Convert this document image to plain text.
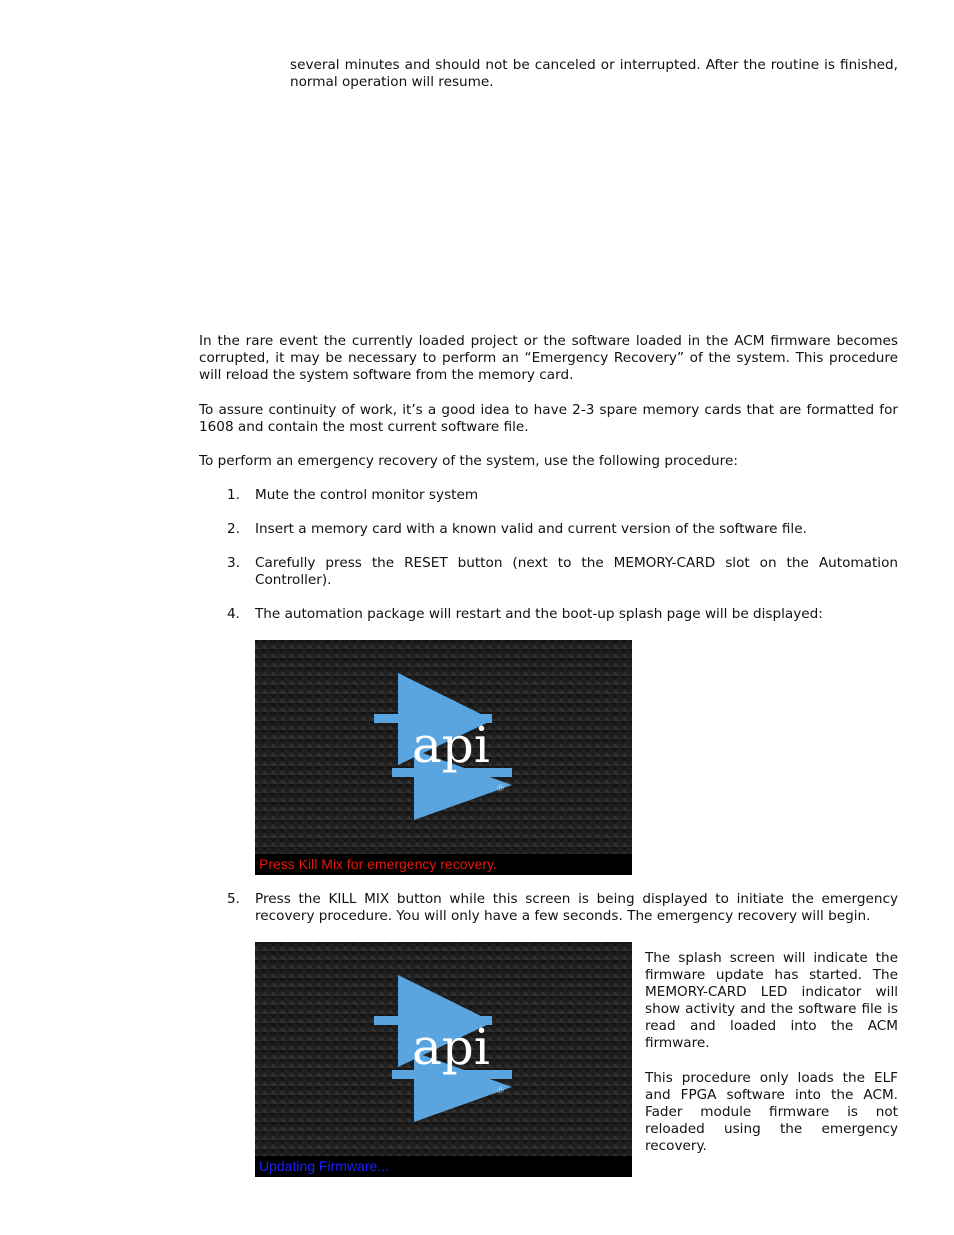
several minutes and should not be canceled or interrupted. After the routine is finished, normal operation will resume.

In the rare event the currently loaded project or the software loaded in the ACM firmware becomes corrupted, it may be necessary to perform an “Emergency Recovery” of the system. This procedure will reload the system software from the memory card.

To assure continuity of work, it’s a good idea to have 2-3 spare memory cards that are formatted for 1608 and contain the most current software file.

To perform an emergency recovery of the system, use the following procedure:

1. Mute the control monitor system

2. Insert a memory card with a known valid and current version of the software file.

3. Carefully press the RESET button (next to the MEMORY-CARD slot on the Automation Controller).

4. The automation package will restart and the boot-up splash page will be displayed:

api
®
Press Kill Mix for emergency recovery.
5. Press the KILL MIX button while this screen is being displayed to initiate the emergency recovery procedure. You will only have a few seconds. The emergency recovery will begin.

api
®
Updating Firmware...

The splash screen will indicate the firmware update has started. The MEMORY-CARD LED indicator will show activity and the software file is read and loaded into the ACM firmware.

This procedure only loads the ELF and FPGA software into the ACM. Fader module firmware is not reloaded using the emergency recovery.
